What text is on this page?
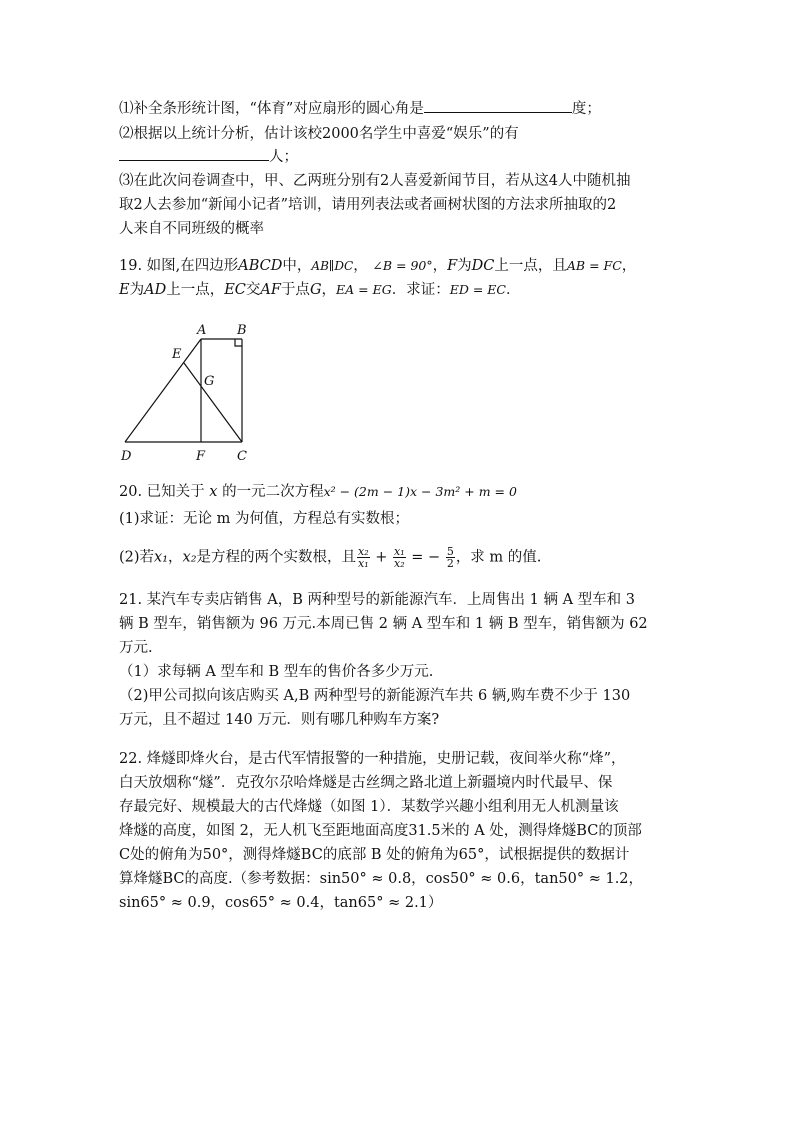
⑴补全条形统计图，“体育”对应扇形的圆心角是	度；
⑵根据以上统计分析，估计该校2000名学生中喜爱“娱乐”的有
人；
⑶在此次问卷调查中，甲、乙两班分别有2人喜爱新闻节目，若从这4人中随机抽
取2人去参加“新闻小记者”培训，请用列表法或者画树状图的方法求所抽取的2
人来自不同班级的概率
19. 如图,在四边形ABCD中，AB∥DC， ∠B = 90°，F为DC上一点，且AB = FC，
E为AD上一点，EC交AF于点G，EA = EG．求证：ED = EC．
A B
E
G
D	F C
20. 已知关于 x 的一元二次方程x² − (2m − 1)x − 3m² + m = 0
(1)求证：无论 m 为何值，方程总有实数根；
(2)若x₁，x₂是方程的两个实数根，且 $\frac{\text{x₂}}{\text{x₁}} + \frac{\text{x₁}}{\text{x₂}}$ = − $\frac{5}{2}$ ，求 m 的值.
21. 某汽车专卖店销售 A，B 两种型号的新能源汽车．上周售出 1 辆 A 型车和 3
辆 B 型车，销售额为 96 万元.本周已售 2 辆 A 型车和 1 辆 B 型车，销售额为 62
万元.
（1）求每辆 A 型车和 B 型车的售价各多少万元.
（2)甲公司拟向该店购买 A,B 两种型号的新能源汽车共 6 辆,购车费不少于 130
万元，且不超过 140 万元．则有哪几种购车方案?
22. 烽燧即烽火台，是古代军情报警的一种措施，史册记载，夜间举火称“烽”，
白天放烟称“燧”．克孜尔尕哈烽燧是古丝绸之路北道上新疆境内时代最早、保
存最完好、规模最大的古代烽燧（如图 1）．某数学兴趣小组利用无人机测量该
烽燧的高度，如图 2，无人机飞至距地面高度31.5米的 A 处，测得烽燧BC的顶部
C处的俯角为50°，测得烽燧BC的底部 B 处的俯角为65°，试根据提供的数据计
算烽燧BC的高度.（参考数据：sin50° ≈ 0.8，cos50° ≈ 0.6，tan50° ≈ 1.2，
sin65° ≈ 0.9，cos65° ≈ 0.4，tan65° ≈ 2.1）
